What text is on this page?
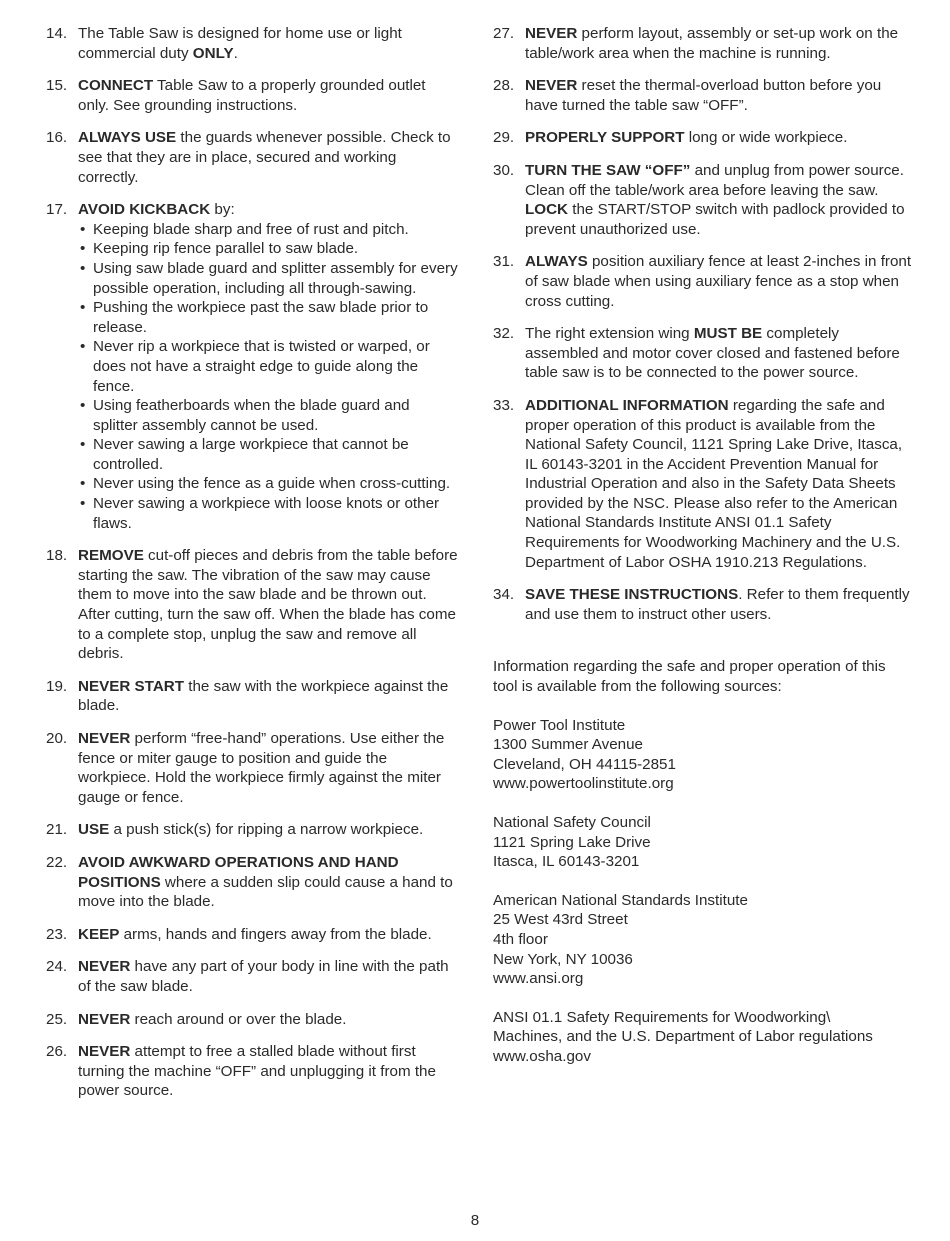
14. The Table Saw is designed for home use or light commercial duty ONLY.
15. CONNECT Table Saw to a properly grounded outlet only. See grounding instructions.
16. ALWAYS USE the guards whenever possible. Check to see that they are in place, secured and working correctly.
17. AVOID KICKBACK by:
• Keeping blade sharp and free of rust and pitch.
• Keeping rip fence parallel to saw blade.
• Using saw blade guard and splitter assembly for every possible operation, including all through-sawing.
• Pushing the workpiece past the saw blade prior to release.
• Never rip a workpiece that is twisted or warped, or does not have a straight edge to guide along the fence.
• Using featherboards when the blade guard and splitter assembly cannot be used.
• Never sawing a large workpiece that cannot be controlled.
• Never using the fence as a guide when cross-cutting.
• Never sawing a workpiece with loose knots or other flaws.
18. REMOVE cut-off pieces and debris from the table before starting the saw. The vibration of the saw may cause them to move into the saw blade and be thrown out. After cutting, turn the saw off. When the blade has come to a complete stop, unplug the saw and remove all debris.
19. NEVER START the saw with the workpiece against the blade.
20. NEVER perform “free-hand” operations. Use either the fence or miter gauge to position and guide the workpiece. Hold the workpiece firmly against the miter gauge or fence.
21. USE a push stick(s) for ripping a narrow workpiece.
22. AVOID AWKWARD OPERATIONS AND HAND POSITIONS where a sudden slip could cause a hand to move into the blade.
23. KEEP arms, hands and fingers away from the blade.
24. NEVER have any part of your body in line with the path of the saw blade.
25. NEVER reach around or over the blade.
26. NEVER attempt to free a stalled blade without first turning the machine “OFF” and unplugging it from the power source.
27. NEVER perform layout, assembly or set-up work on the table/work area when the machine is running.
28. NEVER reset the thermal-overload button before you have turned the table saw “OFF”.
29. PROPERLY SUPPORT long or wide workpiece.
30. TURN THE SAW “OFF” and unplug from power source. Clean off the table/work area before leaving the saw. LOCK the START/STOP switch with padlock provided to prevent unauthorized use.
31. ALWAYS position auxiliary fence at least 2-inches in front of saw blade when using auxiliary fence as a stop when cross cutting.
32. The right extension wing MUST BE completely assembled and motor cover closed and fastened before table saw is to be connected to the power source.
33. ADDITIONAL INFORMATION regarding the safe and proper operation of this product is available from the National Safety Council, 1121 Spring Lake Drive, Itasca, IL 60143-3201 in the Accident Prevention Manual for Industrial Operation and also in the Safety Data Sheets provided by the NSC. Please also refer to the American National Standards Institute ANSI 01.1 Safety Requirements for Woodworking Machinery and the U.S. Department of Labor OSHA 1910.213 Regulations.
34. SAVE THESE INSTRUCTIONS. Refer to them frequently and use them to instruct other users.

Information regarding the safe and proper operation of this tool is available from the following sources:

Power Tool Institute

1300 Summer Avenue

Cleveland, OH 44115-2851

www.powertoolinstitute.org

National Safety Council

1121 Spring Lake Drive

Itasca, IL 60143-3201

American National Standards Institute

25 West 43rd Street

4th floor

New York, NY 10036

www.ansi.org

ANSI 01.1 Safety Requirements for Woodworking\

Machines, and the U.S. Department of Labor regulations

www.osha.gov

8
